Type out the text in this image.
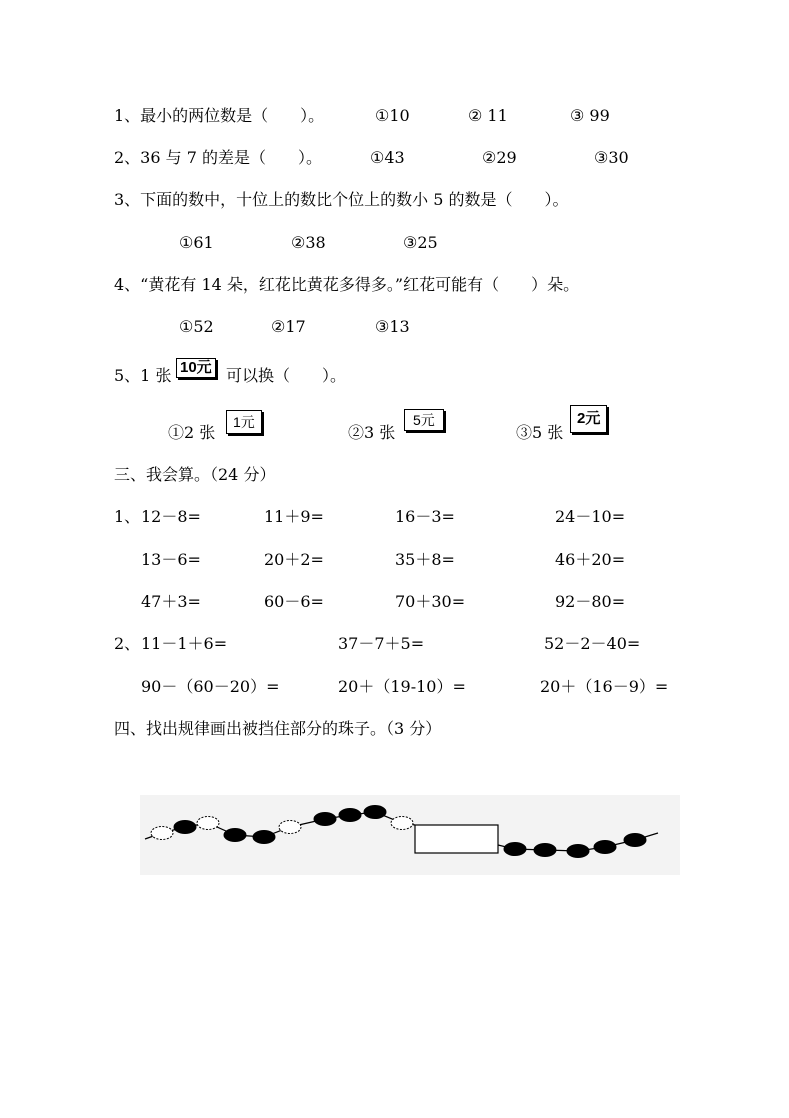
1、最小的两位数是（　　）。	①10	② 11	③ 99
2、36 与 7 的差是（　　）。	①43	②29	③30
3、下面的数中，十位上的数比个位上的数小 5 的数是（　　）。
①61	②38	③25
4、“黄花有 14 朵，红花比黄花多得多。”红花可能有（　　）朵。
①52	②17	③13
5、1 张 10元 可以换（　　）。
①2 张
1元
②3 张
5元
③5 张
2元
三、我会算。（24 分）
1、 12－8=	11＋9=	16－3=	24－10=
13－6=	20＋2=	35＋8=	46＋20=
47＋3=	60－6=	70＋30=	92－80=
2、 11－1＋6=	37－7＋5=	52－2－40=
90－（60－20）=	20＋（19-10）=	20＋（16－9）=
四、找出规律画出被挡住部分的珠子。（3 分）
